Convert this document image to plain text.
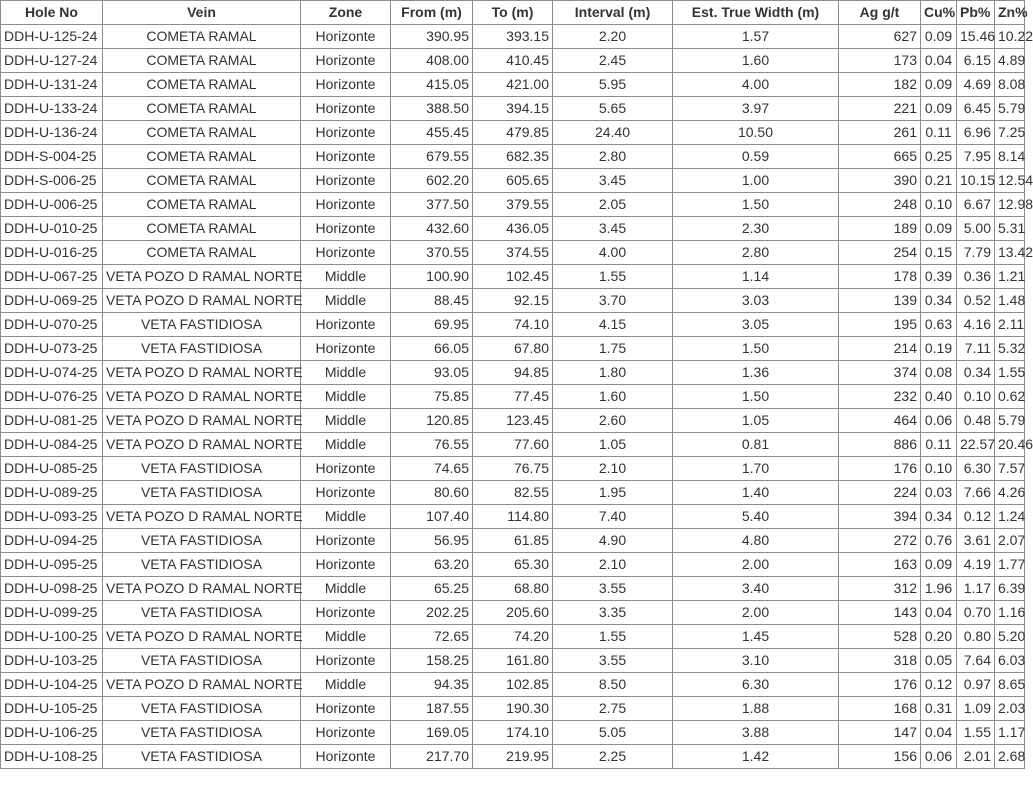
Hole No	Vein	Zone	From (m)	To (m)	Interval (m)	Est. True Width (m)	Ag g/t	Cu%	Pb%	Zn%
DDH-U-125-24	COMETA RAMAL	Horizonte	390.95	393.15	2.20	1.57	627	0.09	15.46	10.22
DDH-U-127-24	COMETA RAMAL	Horizonte	408.00	410.45	2.45	1.60	173	0.04	6.15	4.89
DDH-U-131-24	COMETA RAMAL	Horizonte	415.05	421.00	5.95	4.00	182	0.09	4.69	8.08
DDH-U-133-24	COMETA RAMAL	Horizonte	388.50	394.15	5.65	3.97	221	0.09	6.45	5.79
DDH-U-136-24	COMETA RAMAL	Horizonte	455.45	479.85	24.40	10.50	261	0.11	6.96	7.25
DDH-S-004-25	COMETA RAMAL	Horizonte	679.55	682.35	2.80	0.59	665	0.25	7.95	8.14
DDH-S-006-25	COMETA RAMAL	Horizonte	602.20	605.65	3.45	1.00	390	0.21	10.15	12.54
DDH-U-006-25	COMETA RAMAL	Horizonte	377.50	379.55	2.05	1.50	248	0.10	6.67	12.98
DDH-U-010-25	COMETA RAMAL	Horizonte	432.60	436.05	3.45	2.30	189	0.09	5.00	5.31
DDH-U-016-25	COMETA RAMAL	Horizonte	370.55	374.55	4.00	2.80	254	0.15	7.79	13.42
DDH-U-067-25	VETA POZO D RAMAL NORTE	Middle	100.90	102.45	1.55	1.14	178	0.39	0.36	1.21
DDH-U-069-25	VETA POZO D RAMAL NORTE	Middle	88.45	92.15	3.70	3.03	139	0.34	0.52	1.48
DDH-U-070-25	VETA FASTIDIOSA	Horizonte	69.95	74.10	4.15	3.05	195	0.63	4.16	2.11
DDH-U-073-25	VETA FASTIDIOSA	Horizonte	66.05	67.80	1.75	1.50	214	0.19	7.11	5.32
DDH-U-074-25	VETA POZO D RAMAL NORTE	Middle	93.05	94.85	1.80	1.36	374	0.08	0.34	1.55
DDH-U-076-25	VETA POZO D RAMAL NORTE	Middle	75.85	77.45	1.60	1.50	232	0.40	0.10	0.62
DDH-U-081-25	VETA POZO D RAMAL NORTE	Middle	120.85	123.45	2.60	1.05	464	0.06	0.48	5.79
DDH-U-084-25	VETA POZO D RAMAL NORTE	Middle	76.55	77.60	1.05	0.81	886	0.11	22.57	20.46
DDH-U-085-25	VETA FASTIDIOSA	Horizonte	74.65	76.75	2.10	1.70	176	0.10	6.30	7.57
DDH-U-089-25	VETA FASTIDIOSA	Horizonte	80.60	82.55	1.95	1.40	224	0.03	7.66	4.26
DDH-U-093-25	VETA POZO D RAMAL NORTE	Middle	107.40	114.80	7.40	5.40	394	0.34	0.12	1.24
DDH-U-094-25	VETA FASTIDIOSA	Horizonte	56.95	61.85	4.90	4.80	272	0.76	3.61	2.07
DDH-U-095-25	VETA FASTIDIOSA	Horizonte	63.20	65.30	2.10	2.00	163	0.09	4.19	1.77
DDH-U-098-25	VETA POZO D RAMAL NORTE	Middle	65.25	68.80	3.55	3.40	312	1.96	1.17	6.39
DDH-U-099-25	VETA FASTIDIOSA	Horizonte	202.25	205.60	3.35	2.00	143	0.04	0.70	1.16
DDH-U-100-25	VETA POZO D RAMAL NORTE	Middle	72.65	74.20	1.55	1.45	528	0.20	0.80	5.20
DDH-U-103-25	VETA FASTIDIOSA	Horizonte	158.25	161.80	3.55	3.10	318	0.05	7.64	6.03
DDH-U-104-25	VETA POZO D RAMAL NORTE	Middle	94.35	102.85	8.50	6.30	176	0.12	0.97	8.65
DDH-U-105-25	VETA FASTIDIOSA	Horizonte	187.55	190.30	2.75	1.88	168	0.31	1.09	2.03
DDH-U-106-25	VETA FASTIDIOSA	Horizonte	169.05	174.10	5.05	3.88	147	0.04	1.55	1.17
DDH-U-108-25	VETA FASTIDIOSA	Horizonte	217.70	219.95	2.25	1.42	156	0.06	2.01	2.68
